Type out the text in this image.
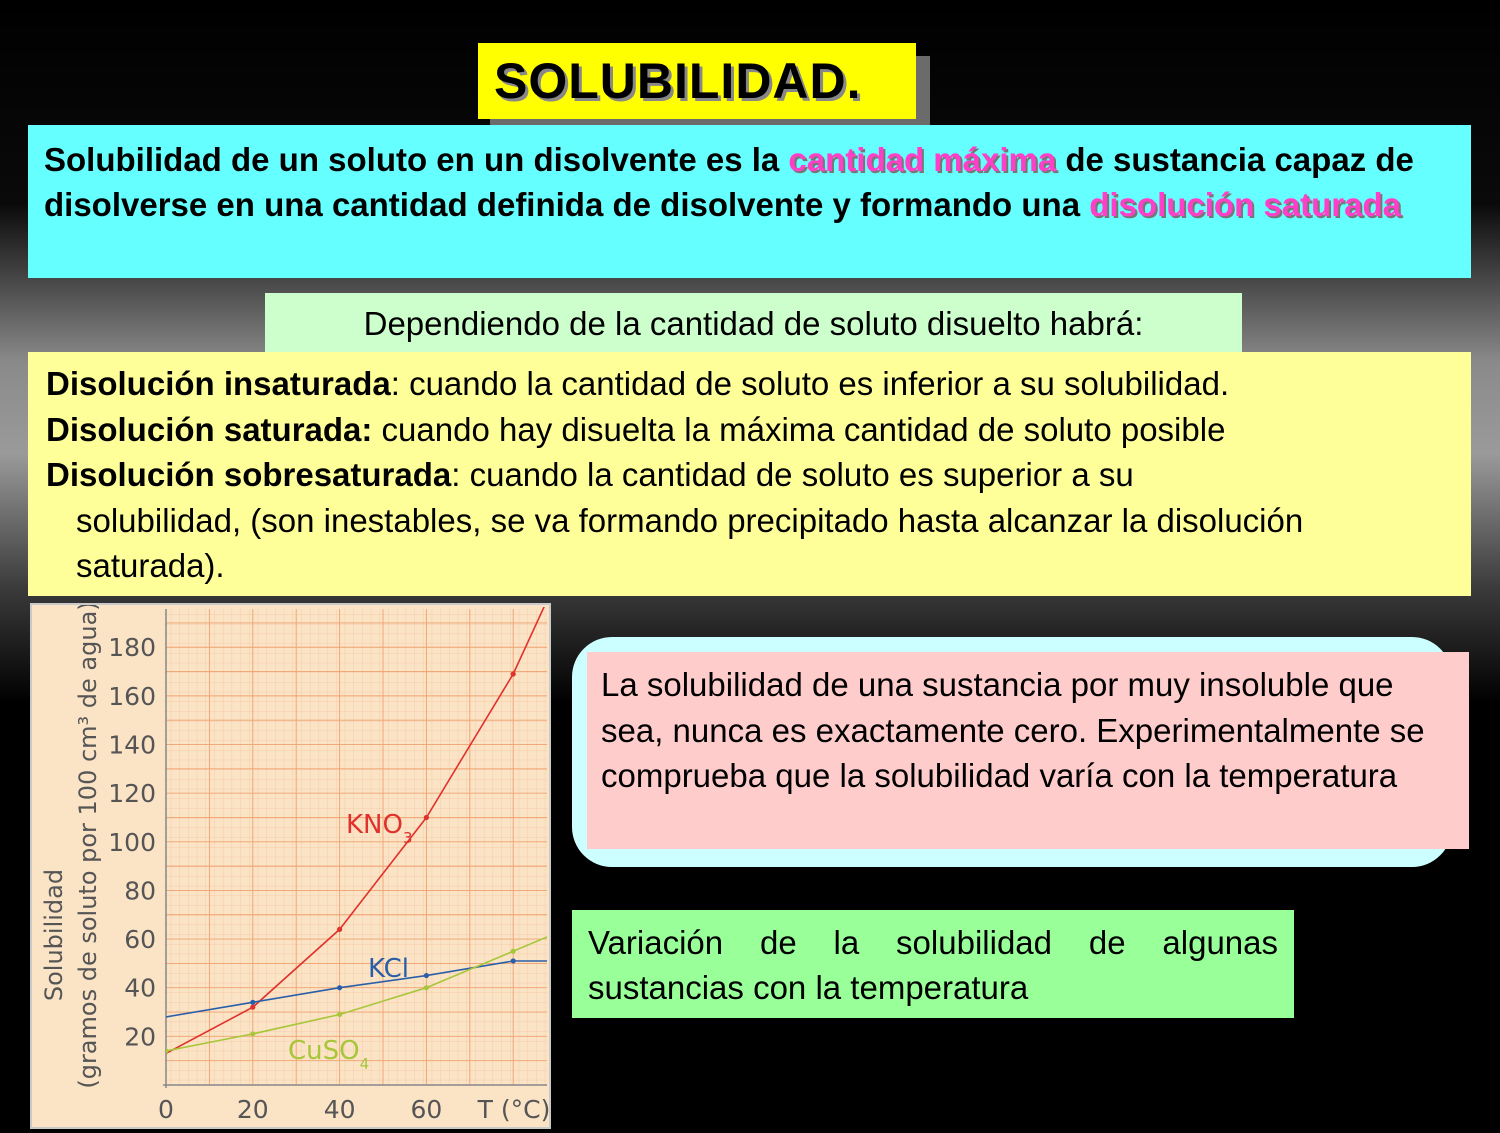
SOLUBILIDAD.
Solubilidad de un soluto en un disolvente es la cantidad máxima de sustancia capaz de disolverse en una cantidad definida de disolvente y formando una disolución saturada
Dependiendo de la cantidad de soluto disuelto habrá:
Disolución insaturada: cuando la cantidad de soluto es inferior a su solubilidad.
Disolución saturada: cuando hay disuelta la máxima cantidad de soluto posible
Disolución sobresaturada: cuando la cantidad de soluto es superior a su
solubilidad, (son inestables, se va formando precipitado hasta alcanzar la disolución saturada).
20
40
60
80
100
120
140
160
180
0	20 40 60 T (°C)
Solubilidad (gramos de soluto por 100 cm³ de agua)	$KNO_3$
KCl
CuSO$_4$
La solubilidad de una sustancia por muy insoluble que sea, nunca es exactamente cero. Experimentalmente se comprueba que la solubilidad varía con la temperatura
Variación de la solubilidad de algunas sustancias con la temperatura
